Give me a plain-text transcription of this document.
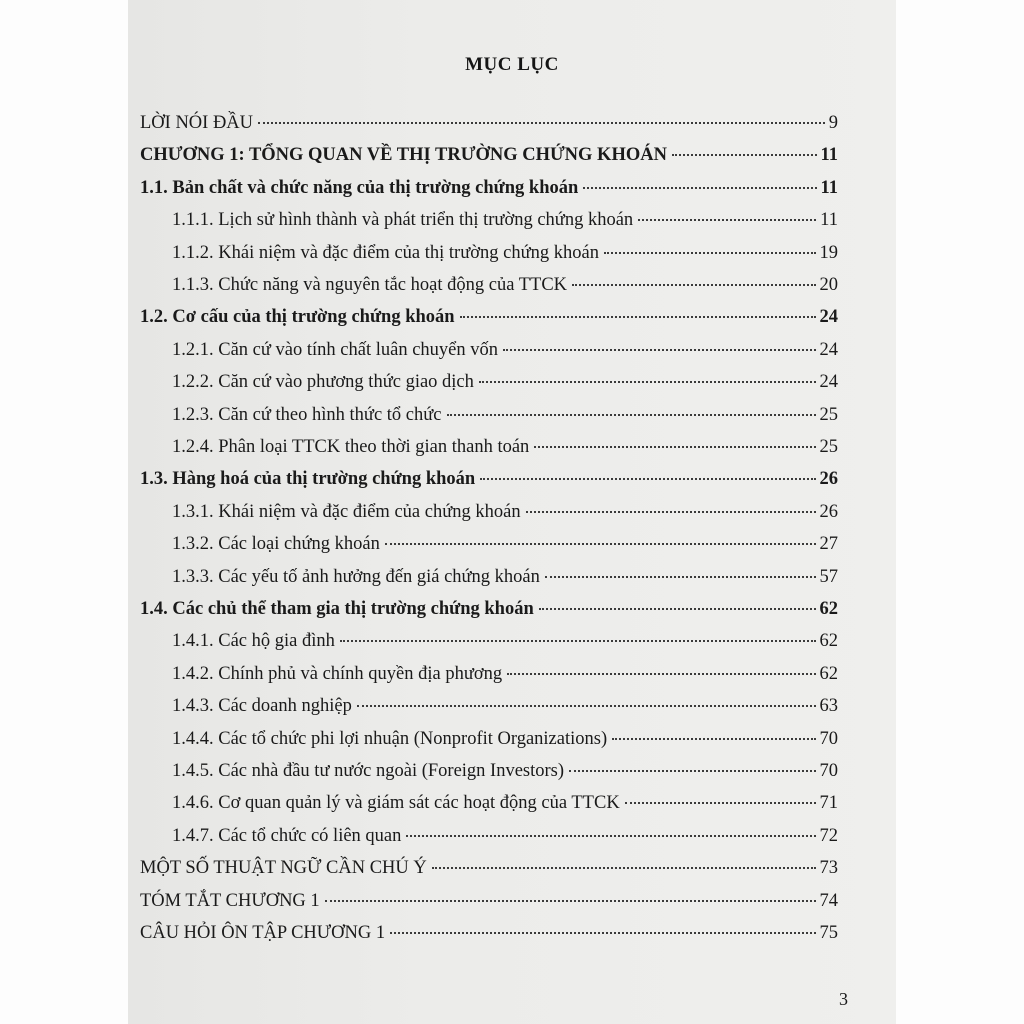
MỤC LỤC
LỜI NÓI ĐẦU	9
CHƯƠNG 1: TỔNG QUAN VỀ THỊ TRƯỜNG CHỨNG KHOÁN	11
1.1. Bản chất và chức năng của thị trường chứng khoán	11
1.1.1. Lịch sử hình thành và phát triển thị trường chứng khoán	11
1.1.2. Khái niệm và đặc điểm của thị trường chứng khoán	19
1.1.3. Chức năng và nguyên tắc hoạt động của TTCK	20
1.2. Cơ cấu của thị trường chứng khoán	24
1.2.1. Căn cứ vào tính chất luân chuyển vốn	24
1.2.2. Căn cứ vào phương thức giao dịch	24
1.2.3. Căn cứ theo hình thức tổ chức	25
1.2.4. Phân loại TTCK theo thời gian thanh toán	25
1.3. Hàng hoá của thị trường chứng khoán	26
1.3.1. Khái niệm và đặc điểm của chứng khoán	26
1.3.2. Các loại chứng khoán	27
1.3.3. Các yếu tố ảnh hưởng đến giá chứng khoán	57
1.4. Các chủ thể tham gia thị trường chứng khoán	62
1.4.1. Các hộ gia đình	62
1.4.2. Chính phủ và chính quyền địa phương	62
1.4.3. Các doanh nghiệp	63
1.4.4. Các tổ chức phi lợi nhuận (Nonprofit Organizations)	70
1.4.5. Các nhà đầu tư nước ngoài (Foreign Investors)	70
1.4.6. Cơ quan quản lý và giám sát các hoạt động của TTCK	71
1.4.7. Các tổ chức có liên quan	72
MỘT SỐ THUẬT NGỮ CẦN CHÚ Ý	73
TÓM TẮT CHƯƠNG 1	74
CÂU HỎI ÔN TẬP CHƯƠNG 1	75
3
